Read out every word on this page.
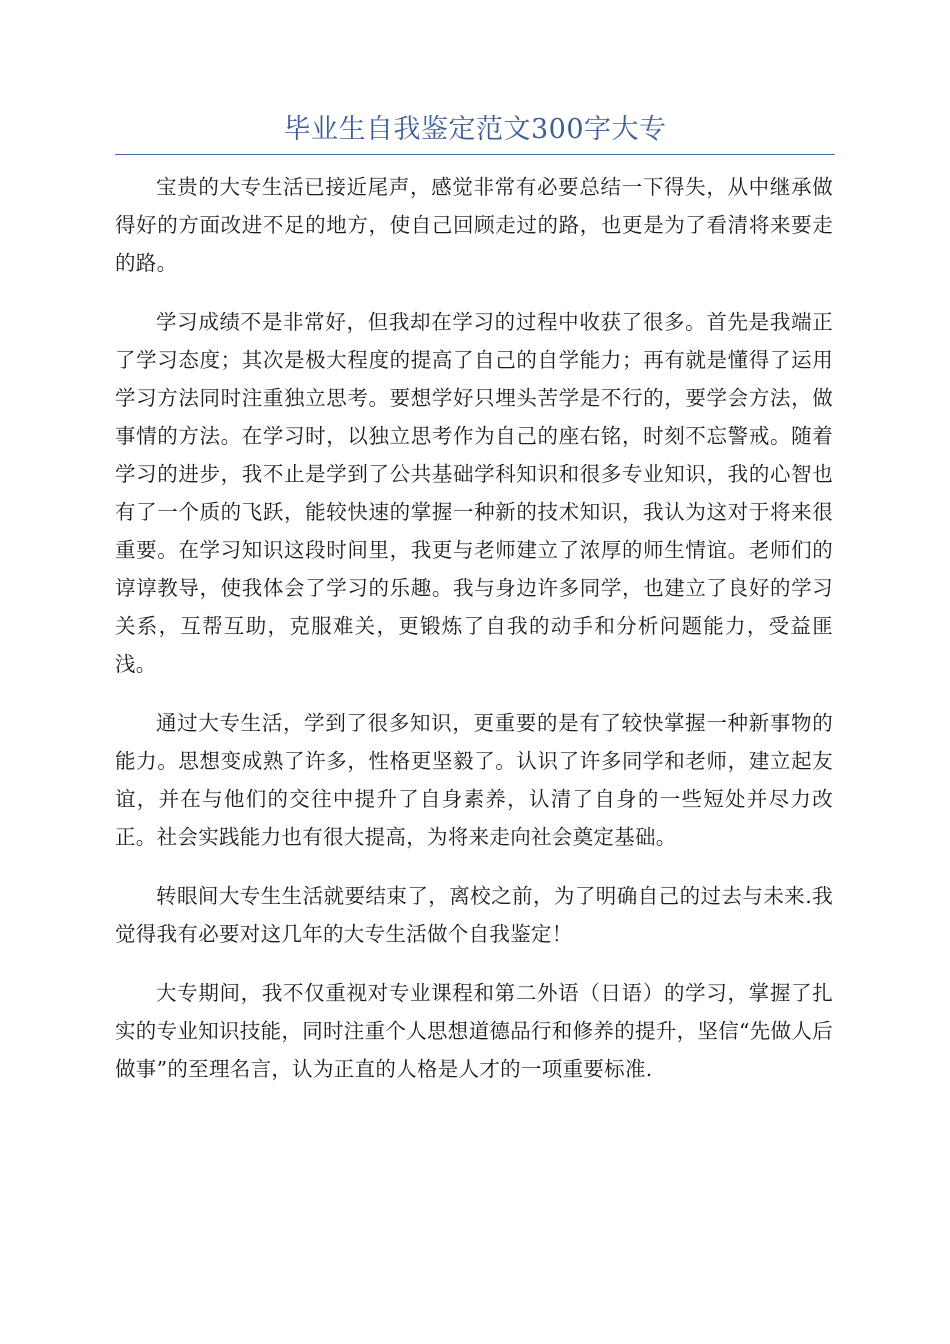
毕业生自我鉴定范文300字大专

宝贵的大专生活已接近尾声，感觉非常有必要总结一下得失，从中继承做得好的方面改进不足的地方，使自己回顾走过的路，也更是为了看清将来要走的路。

学习成绩不是非常好，但我却在学习的过程中收获了很多。首先是我端正了学习态度；其次是极大程度的提高了自己的自学能力；再有就是懂得了运用学习方法同时注重独立思考。要想学好只埋头苦学是不行的，要学会方法，做事情的方法。在学习时，以独立思考作为自己的座右铭，时刻不忘警戒。随着学习的进步，我不止是学到了公共基础学科知识和很多专业知识，我的心智也有了一个质的飞跃，能较快速的掌握一种新的技术知识，我认为这对于将来很重要。在学习知识这段时间里，我更与老师建立了浓厚的师生情谊。老师们的谆谆教导，使我体会了学习的乐趣。我与身边许多同学，也建立了良好的学习关系，互帮互助，克服难关，更锻炼了自我的动手和分析问题能力，受益匪浅。

通过大专生活，学到了很多知识，更重要的是有了较快掌握一种新事物的能力。思想变成熟了许多，性格更坚毅了。认识了许多同学和老师，建立起友谊，并在与他们的交往中提升了自身素养，认清了自身的一些短处并尽力改正。社会实践能力也有很大提高，为将来走向社会奠定基础。

转眼间大专生生活就要结束了，离校之前，为了明确自己的过去与未来.我觉得我有必要对这几年的大专生活做个自我鉴定！

大专期间，我不仅重视对专业课程和第二外语（日语）的学习，掌握了扎实的专业知识技能，同时注重个人思想道德品行和修养的提升，坚信“先做人后做事”的至理名言，认为正直的人格是人才的一项重要标准.
